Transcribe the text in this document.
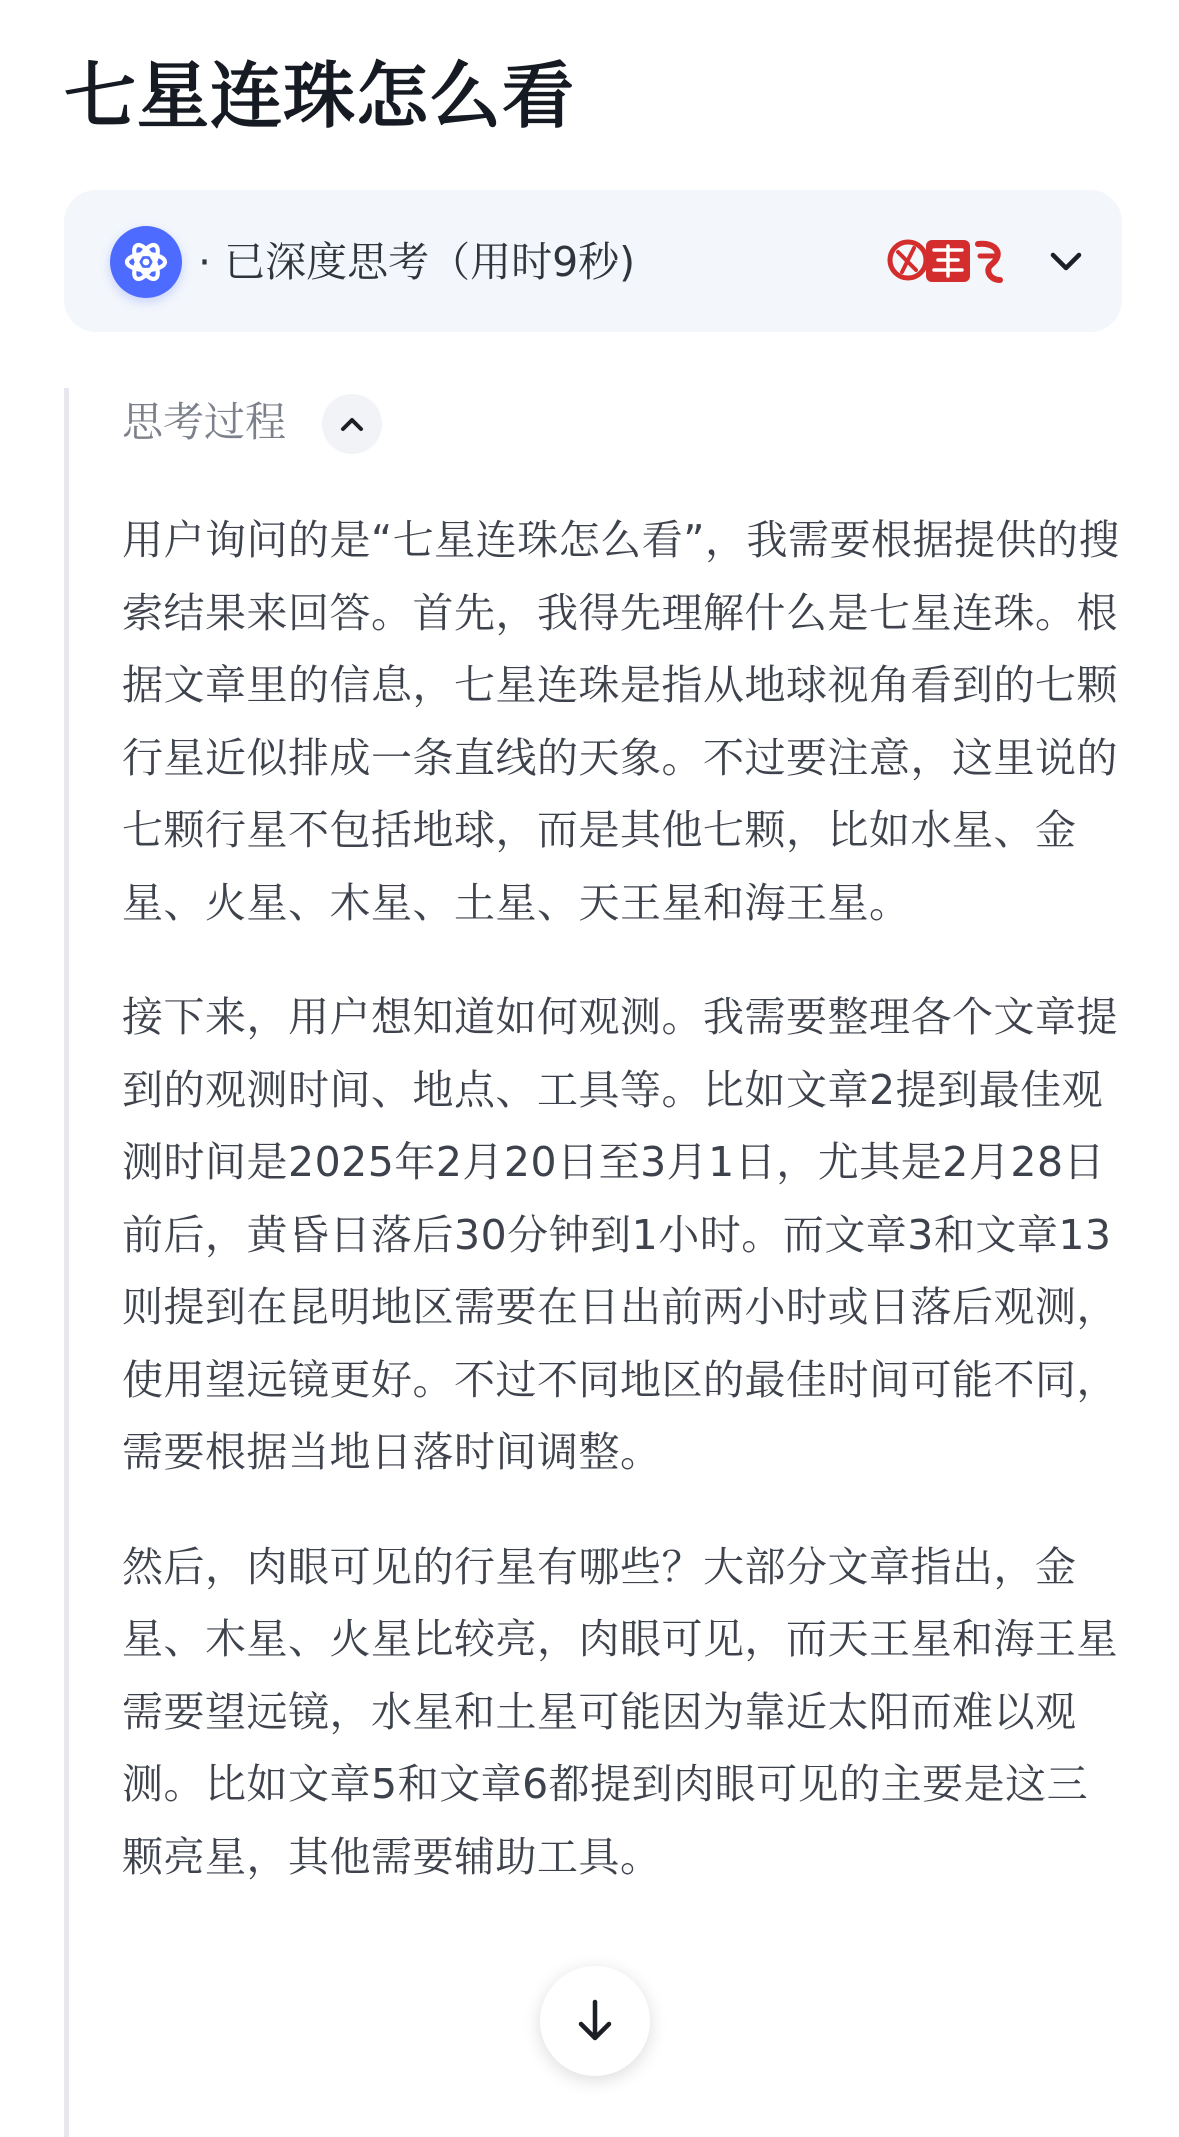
七星连珠怎么看
· 已深度思考（用时9秒)
思考过程

用户询问的是“七星连珠怎么看”，我需要根据提供的搜索结果来回答。首先，我得先理解什么是七星连珠。根据文章里的信息，七星连珠是指从地球视角看到的七颗行星近似排成一条直线的天象。不过要注意，这里说的七颗行星不包括地球，而是其他七颗，比如水星、金星、火星、木星、土星、天王星和海王星。

接下来，用户想知道如何观测。我需要整理各个文章提到的观测时间、地点、工具等。比如文章2提到最佳观测时间是2025年2月20日至3月1日，尤其是2月28日前后，黄昏日落后30分钟到1小时。而文章3和文章13则提到在昆明地区需要在日出前两小时或日落后观测，使用望远镜更好。不过不同地区的最佳时间可能不同，需要根据当地日落时间调整。

然后，肉眼可见的行星有哪些？大部分文章指出，金星、木星、火星比较亮，肉眼可见，而天王星和海王星需要望远镜，水星和土星可能因为靠近太阳而难以观测。比如文章5和文章6都提到肉眼可见的主要是这三颗亮星，其他需要辅助工具。
